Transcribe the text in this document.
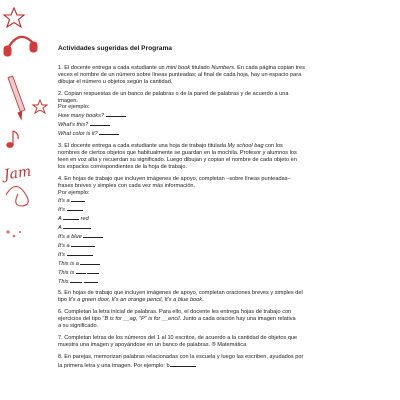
Jam
Actividades sugeridas del Programa
1. El docente entrega a cada estudiante un mini book titulado Numbers. En cada página copian tres
veces el nombre de un número sobre líneas punteadas; al final de cada hoja, hay un espacio para
dibujar el número u objetos según la cantidad.
2. Copian respuestas de un banco de palabras o de la pared de palabras y de acuerdo a una
imagen.
Por ejemplo:
How many books?
What's this?
What color is it?
3. El docente entrega a cada estudiante una hoja de trabajo titulada My school bag con los
nombres de ciertos objetos que habitualmente se guardan en la mochila. Profesor y alumnos los
leen en voz alta y recuerdan su significado. Luego dibujan y copian el nombre de cada objeto en
los espacios correspondientes de la hoja de trabajo.
4. En hojas de trabajo que incluyen imágenes de apoyo, completan –sobre líneas punteadas–
frases breves y simples con cada vez más información.
Por ejemplo:
It's a
It's
A	red
A
It's a blue
It's a
It's
This is a
This is
This
5. En hojas de trabajo que incluyen imágenes de apoyo, completan oraciones breves y simples del
tipo It's a green door, It's an orange pencil, It's a blue book.
6. Completan la letra inicial de palabras. Para ello, el docente les entrega hojas de trabajo con
ejercicios del tipo "B is for __ag, "P" is for __encil. Junto a cada oración hay una imagen relativa
a su significado.
7. Completan letras de los números del 1 al 10 escritos, de acuerdo a la cantidad de objetos que
muestra una imagen y apoyándose en un banco de palabras. ® Matemática
8. En parejas, memorizan palabras relacionadas con la escuela y luego las escriben, ayudados por
la primera letra y una imagen. Por ejemplo: b
